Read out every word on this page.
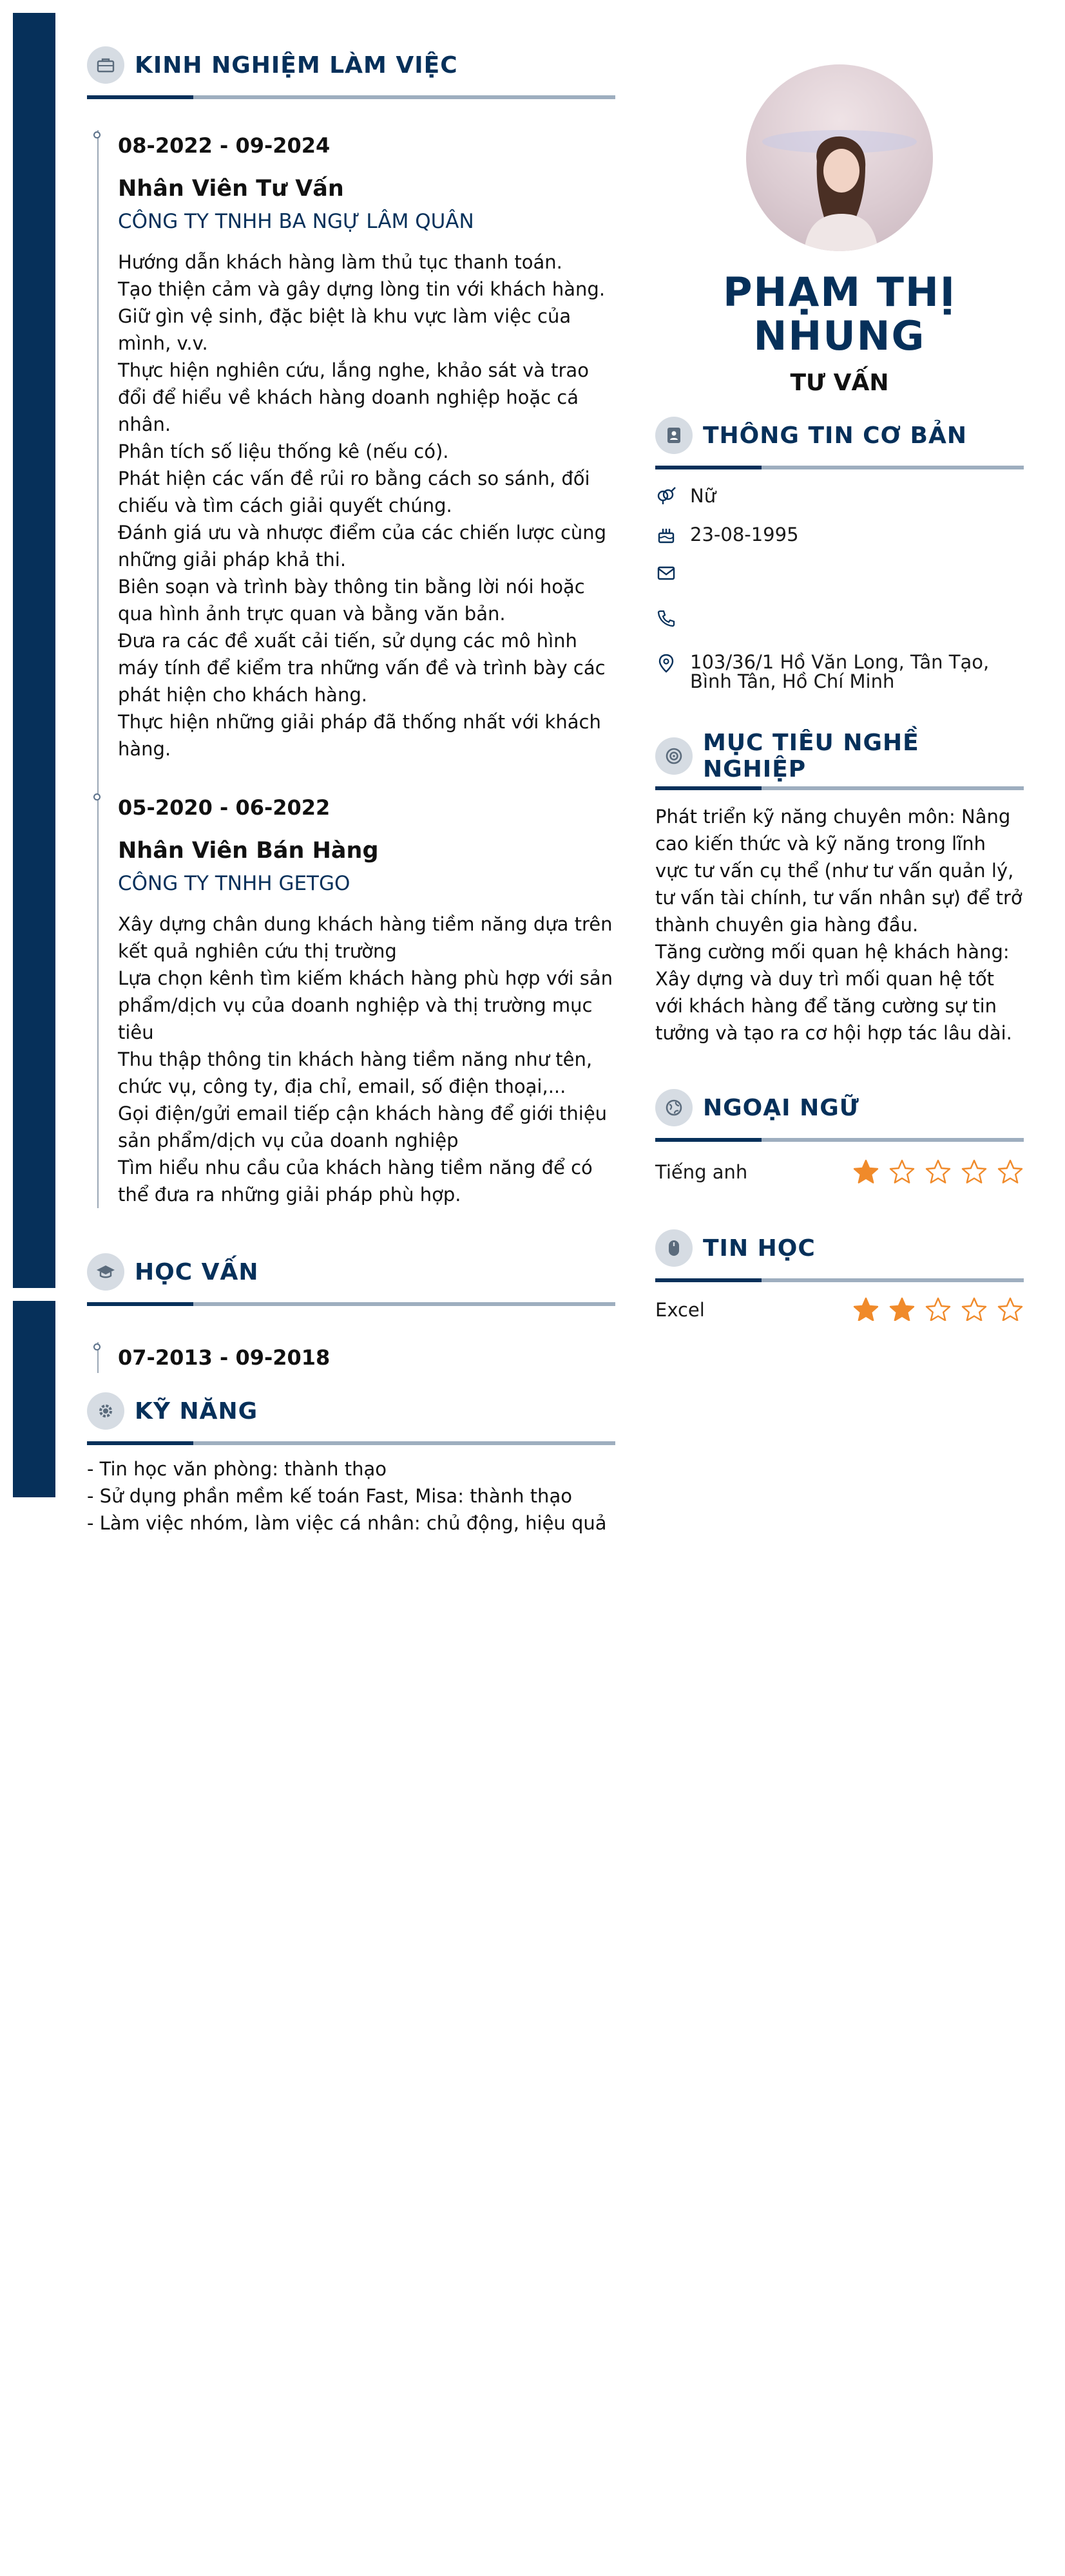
KINH NGHIỆM LÀM VIỆC
08-2022 - 09-2024
Nhân Viên Tư Vấn
CÔNG TY TNHH BA NGỰ LÂM QUÂN
Hướng dẫn khách hàng làm thủ tục thanh toán.
Tạo thiện cảm và gây dựng lòng tin với khách hàng.
Giữ gìn vệ sinh, đặc biệt là khu vực làm việc của mình, v.v.
Thực hiện nghiên cứu, lắng nghe, khảo sát và trao đổi để hiểu về khách hàng doanh nghiệp hoặc cá nhân.
Phân tích số liệu thống kê (nếu có).
Phát hiện các vấn đề rủi ro bằng cách so sánh, đối chiếu và tìm cách giải quyết chúng.
Đánh giá ưu và nhược điểm của các chiến lược cùng những giải pháp khả thi.
Biên soạn và trình bày thông tin bằng lời nói hoặc qua hình ảnh trực quan và bằng văn bản.
Đưa ra các đề xuất cải tiến, sử dụng các mô hình máy tính để kiểm tra những vấn đề và trình bày các phát hiện cho khách hàng.
Thực hiện những giải pháp đã thống nhất với khách hàng.
05-2020 - 06-2022
Nhân Viên Bán Hàng
CÔNG TY TNHH GETGO
Xây dựng chân dung khách hàng tiềm năng dựa trên kết quả nghiên cứu thị trường
Lựa chọn kênh tìm kiếm khách hàng phù hợp với sản phẩm/dịch vụ của doanh nghiệp và thị trường mục tiêu
Thu thập thông tin khách hàng tiềm năng như tên, chức vụ, công ty, địa chỉ, email, số điện thoại,...
Gọi điện/gửi email tiếp cận khách hàng để giới thiệu sản phẩm/dịch vụ của doanh nghiệp
Tìm hiểu nhu cầu của khách hàng tiềm năng để có thể đưa ra những giải pháp phù hợp.
HỌC VẤN
07-2013 - 09-2018
KỸ NĂNG
- Tin học văn phòng: thành thạo
- Sử dụng phần mềm kế toán Fast, Misa: thành thạo
- Làm việc nhóm, làm việc cá nhân: chủ động, hiệu quả
PHẠM THỊ NHUNG
TƯ VẤN
THÔNG TIN CƠ BẢN
Nữ
23-08-1995
103/36/1 Hồ Văn Long, Tân Tạo, Bình Tân, Hồ Chí Minh
MỤC TIÊU NGHỀ NGHIỆP
Phát triển kỹ năng chuyên môn: Nâng cao kiến thức và kỹ năng trong lĩnh vực tư vấn cụ thể (như tư vấn quản lý, tư vấn tài chính, tư vấn nhân sự) để trở thành chuyên gia hàng đầu.
Tăng cường mối quan hệ khách hàng: Xây dựng và duy trì mối quan hệ tốt với khách hàng để tăng cường sự tin tưởng và tạo ra cơ hội hợp tác lâu dài.
NGOẠI NGỮ
Tiếng anh
TIN HỌC
Excel
